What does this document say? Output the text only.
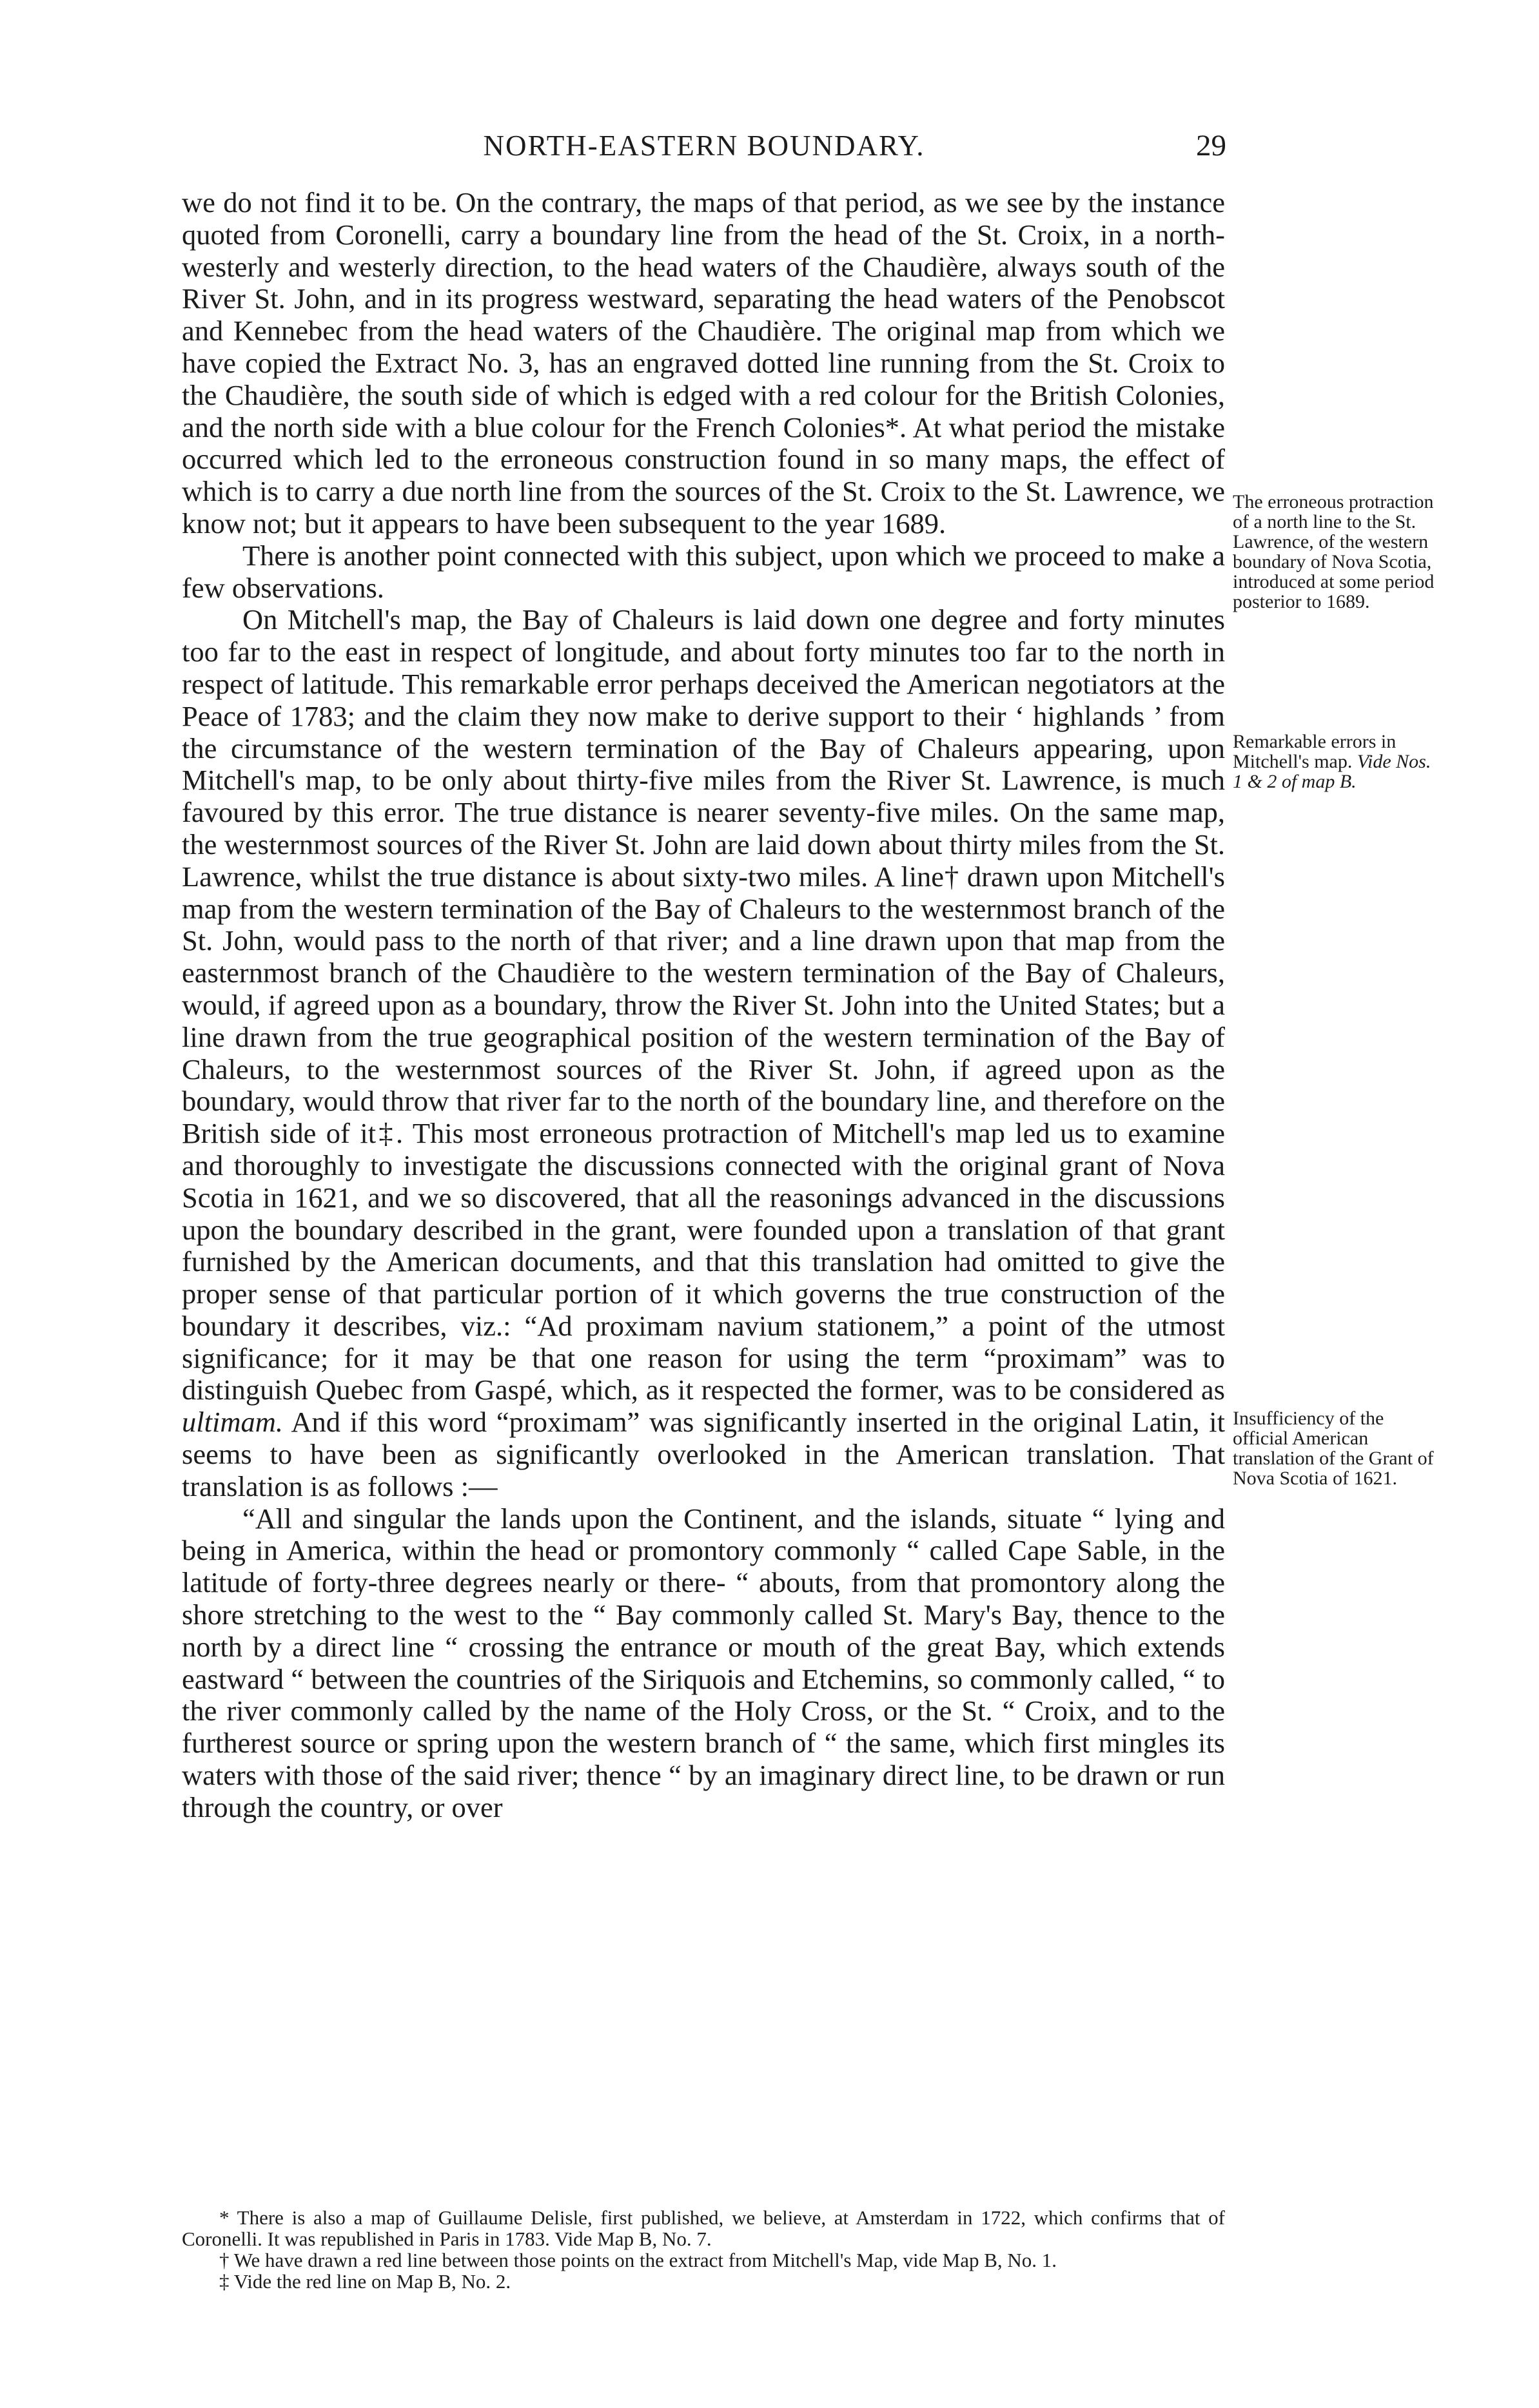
NORTH-EASTERN BOUNDARY.	29

we do not find it to be. On the contrary, the maps of that period, as we see by the instance quoted from Coronelli, carry a boundary line from the head of the St. Croix, in a north-westerly and westerly direction, to the head waters of the Chaudière, always south of the River St. John, and in its progress westward, separating the head waters of the Penobscot and Kennebec from the head waters of the Chaudière. The original map from which we have copied the Extract No. 3, has an engraved dotted line running from the St. Croix to the Chaudière, the south side of which is edged with a red colour for the British Colonies, and the north side with a blue colour for the French Colonies*. At what period the mistake occurred which led to the erroneous construction found in so many maps, the effect of which is to carry a due north line from the sources of the St. Croix to the St. Lawrence, we know not; but it appears to have been subsequent to the year 1689.

There is another point connected with this subject, upon which we proceed to make a few observations.

On Mitchell's map, the Bay of Chaleurs is laid down one degree and forty minutes too far to the east in respect of longitude, and about forty minutes too far to the north in respect of latitude. This remarkable error perhaps deceived the American negotiators at the Peace of 1783; and the claim they now make to derive support to their ‘ highlands ’ from the circumstance of the western termination of the Bay of Chaleurs appearing, upon Mitchell's map, to be only about thirty-five miles from the River St. Lawrence, is much favoured by this error. The true distance is nearer seventy-five miles. On the same map, the westernmost sources of the River St. John are laid down about thirty miles from the St. Lawrence, whilst the true distance is about sixty-two miles. A line† drawn upon Mitchell's map from the western termination of the Bay of Chaleurs to the westernmost branch of the St. John, would pass to the north of that river; and a line drawn upon that map from the easternmost branch of the Chaudière to the western termination of the Bay of Chaleurs, would, if agreed upon as a boundary, throw the River St. John into the United States; but a line drawn from the true geographical position of the western termination of the Bay of Chaleurs, to the westernmost sources of the River St. John, if agreed upon as the boundary, would throw that river far to the north of the boundary line, and therefore on the British side of it‡. This most erroneous protraction of Mitchell's map led us to examine and thoroughly to investigate the discussions connected with the original grant of Nova Scotia in 1621, and we so discovered, that all the reasonings advanced in the discussions upon the boundary described in the grant, were founded upon a translation of that grant furnished by the American documents, and that this translation had omitted to give the proper sense of that particular portion of it which governs the true construction of the boundary it describes, viz.: “Ad proximam navium stationem,” a point of the utmost significance; for it may be that one reason for using the term “proximam” was to distinguish Quebec from Gaspé, which, as it respected the former, was to be considered as ultimam. And if this word “proximam” was significantly inserted in the original Latin, it seems to have been as significantly overlooked in the American translation. That translation is as follows :—

“All and singular the lands upon the Continent, and the islands, situate “ lying and being in America, within the head or promontory commonly “ called Cape Sable, in the latitude of forty-three degrees nearly or there- “ abouts, from that promontory along the shore stretching to the west to the “ Bay commonly called St. Mary's Bay, thence to the north by a direct line “ crossing the entrance or mouth of the great Bay, which extends eastward “ between the countries of the Siriquois and Etchemins, so commonly called, “ to the river commonly called by the name of the Holy Cross, or the St. “ Croix, and to the furtherest source or spring upon the western branch of “ the same, which first mingles its waters with those of the said river; thence “ by an imaginary direct line, to be drawn or run through the country, or over

The erroneous protraction of a north line to the St. Lawrence, of the western boundary of Nova Scotia, introduced at some period posterior to 1689.
Remarkable errors in Mitchell's map. Vide Nos. 1 & 2 of map B.
Insufficiency of the official American translation of the Grant of Nova Scotia of 1621.

* There is also a map of Guillaume Delisle, first published, we believe, at Amsterdam in 1722, which confirms that of Coronelli. It was republished in Paris in 1783. Vide Map B, No. 7.

† We have drawn a red line between those points on the extract from Mitchell's Map, vide Map B, No. 1.

‡ Vide the red line on Map B, No. 2.
